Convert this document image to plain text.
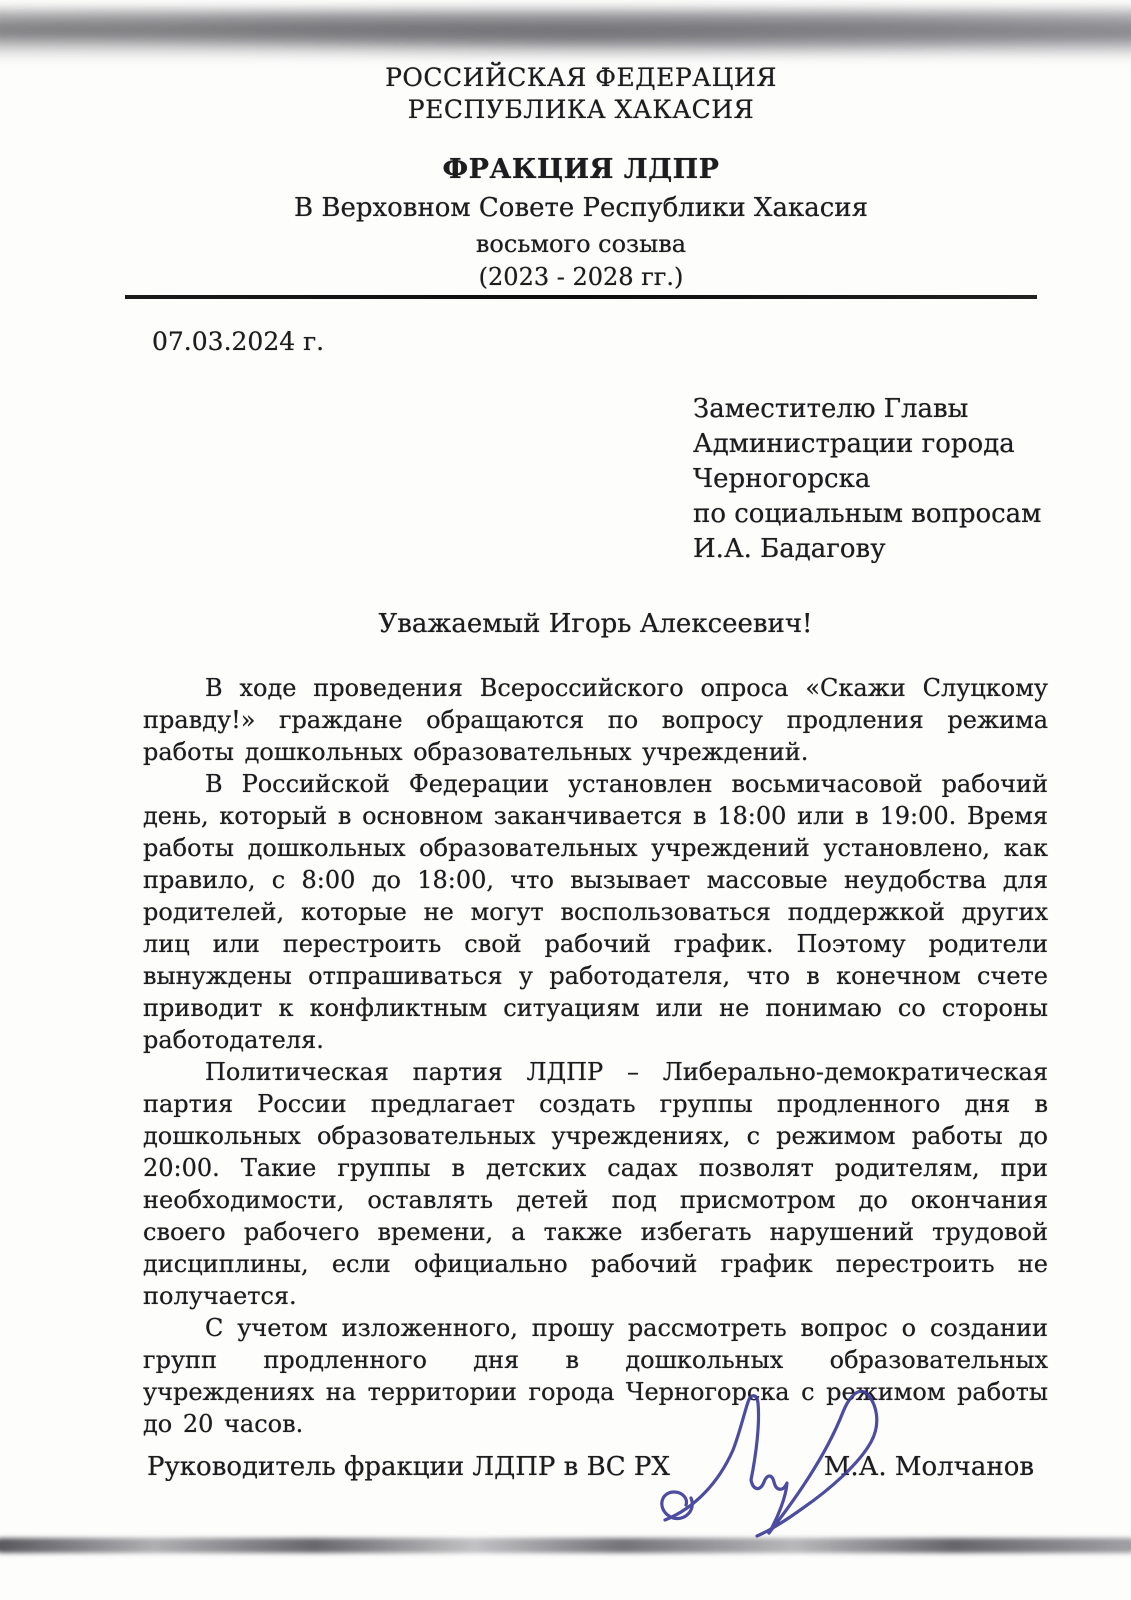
РОССИЙСКАЯ ФЕДЕРАЦИЯ
РЕСПУБЛИКА ХАКАСИЯ
ФРАКЦИЯ ЛДПР
В Верховном Совете Республики Хакасия
восьмого созыва
(2023 - 2028 гг.)
07.03.2024 г.
Заместителю Главы
Администрации города
Черногорска
по социальным вопросам
И.А. Бадагову
Уважаемый Игорь Алексеевич!

В ходе проведения Всероссийского опроса «Скажи Слуцкому правду!» граждане обращаются по вопросу продления режима работы дошкольных образовательных учреждений.

В Российской Федерации установлен восьмичасовой рабочий день, который в основном заканчивается в 18:00 или в 19:00. Время работы дошкольных образовательных учреждений установлено, как правило, с 8:00 до 18:00, что вызывает массовые неудобства для родителей, которые не могут воспользоваться поддержкой других лиц или перестроить свой рабочий график. Поэтому родители вынуждены отпрашиваться у работодателя, что в конечном счете приводит к конфликтным ситуациям или не понимаю со стороны работодателя.

Политическая партия ЛДПР – Либерально-демократическая партия России предлагает создать группы продленного дня в дошкольных образовательных учреждениях, с режимом работы до 20:00. Такие группы в детских садах позволят родителям, при необходимости, оставлять детей под присмотром до окончания своего рабочего времени, а также избегать нарушений трудовой дисциплины, если официально рабочий график перестроить не получается.

С учетом изложенного, прошу рассмотреть вопрос о создании групп продленного дня в дошкольных образовательных учреждениях на территории города Черногорска с режимом работы до 20 часов.

Руководитель фракции ЛДПР в ВС РХ	М.А. Молчанов
